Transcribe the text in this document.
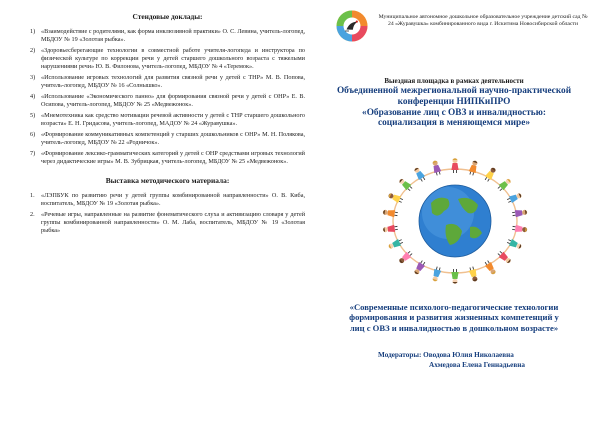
Стендовые доклады:
1) «Взаимодействие с родителями, как форма инклюзивной практики» О. С. Левина, учитель-логопед, МБДОУ № 19 «Золотая рыбка».
2) «Здоровьесберегающие технологии в совместной работе учителя-логопеда и инструктора по физической культуре по коррекции речи у детей старшего дошкольного возраста с тяжелыми нарушениями речи» Ю. В. Филонова, учитель-логопед, МБДОУ № 4 «Теремок».
3) «Использование игровых технологий для развития связной речи у детей с ТНР» М. В. Попова, учитель-логопед, МБДОУ № 16 «Солнышко».
4) «Использование «Экономического панно» для формирования связной речи у детей с ОНР» Е. В. Осипова, учитель-логопед, МБДОУ № 25 «Медвежонок».
5) «Мнемотехника как средство мотивации речевой активности у детей с ТНР старшего дошкольного возраста» Е. Н. Гридасова, учитель-логопед, МАДОУ № 24 «Журавушка».
6) «Формирование коммуникативных компетенций у старших дошкольников с ОНР» М. Н. Полякова, учитель-логопед, МБДОУ № 22 «Родничок».
7) «Формирование лексико-грамматических категорий у детей с ОНР средствами игровых технологий через дидактические игры» М. В. Зубрицкая, учитель-логопед, МБДОУ № 25 «Медвежонок».
Выставка методического материала:
1.	«ЛЭПБУК по развитию речи у детей группы комбинированной направленности» О. В. Киба, воспитатель, МБДОУ № 19 «Золотая рыбка».
2.	«Речевые игры, направленные на развитие фонематического слуха и активизацию словаря у детей группы комбинированной направленности» О. М. Лаба, воспитатель, МБДОУ № 19 «Золотая рыбка»
Муниципальное автономное дошкольное образовательное учреждение детский сад № 24 «Журавушка» комбинированного вида г. Искитима Новосибирской области
Выездная площадка в рамках деятельности
Объединенной межрегиональной научно-практической
конференции НИПКиПРО
«Образование лиц с ОВЗ и инвалидностью:
социализация в меняющемся мире»
«Современные психолого-педагогические технологии
формирования и развития жизненных компетенций у
лиц с ОВЗ и инвалидностью в дошкольном возрасте»
Модераторы: Оводова Юлия Николаевна
Ахмедова Елена Геннадьевна
